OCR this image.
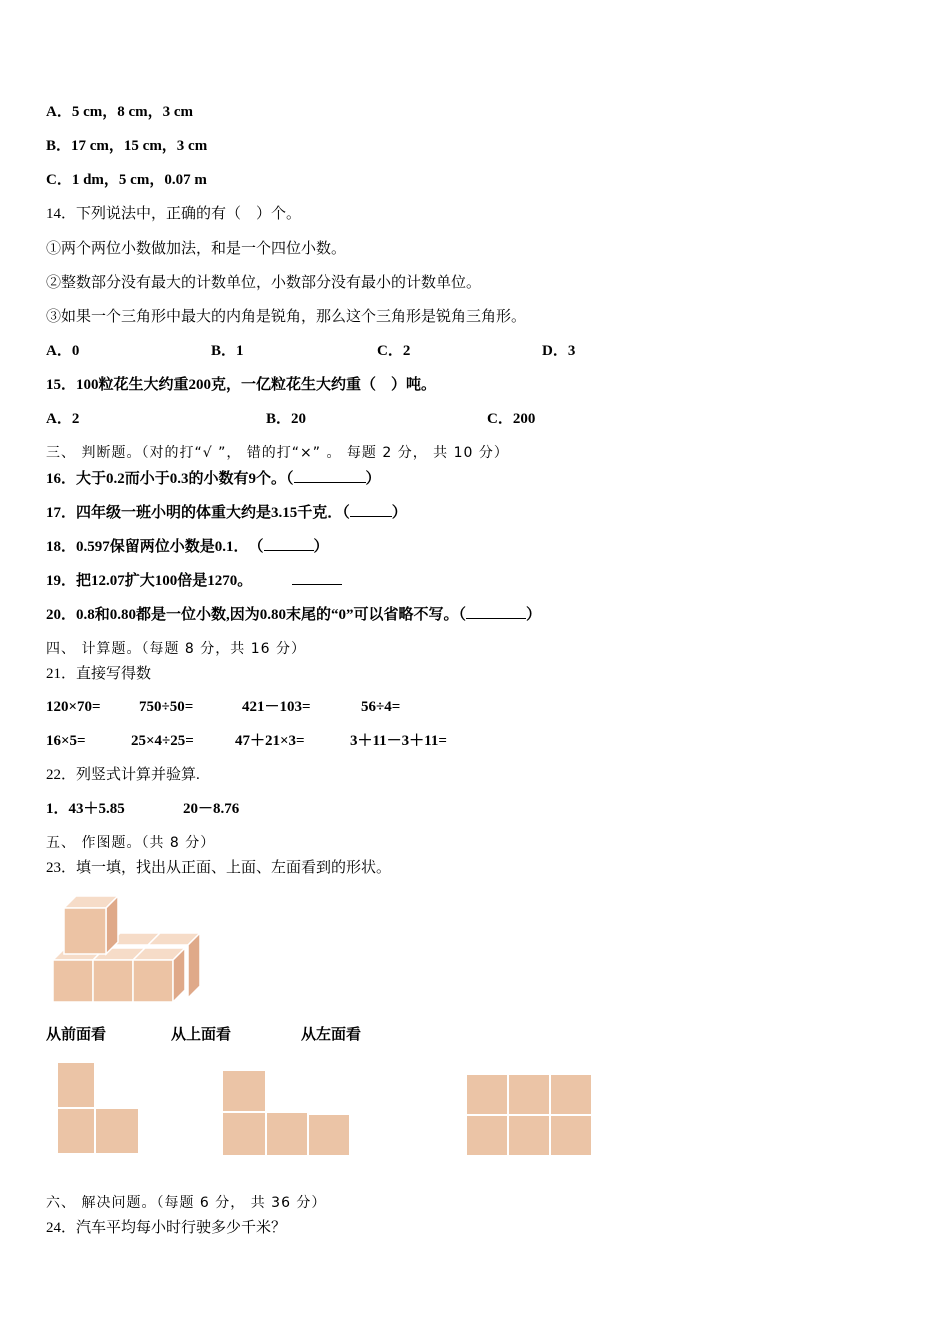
A．5 cm，8 cm，3 cm
B．17 cm，15 cm，3 cm
C．1 dm，5 cm，0.07 m
14．下列说法中，正确的有（　）个。
①两个两位小数做加法，和是一个四位小数。
②整数部分没有最大的计数单位，小数部分没有最小的计数单位。
③如果一个三角形中最大的内角是锐角，那么这个三角形是锐角三角形。
A．0	B．1	C．2	D．3
15．100粒花生大约重200克，一亿粒花生大约重（　）吨。
A．2	B．20	C．200
三、 判断题。（对的打“√ ”， 错的打“×” 。 每题 2 分， 共 10 分）
16．大于0.2而小于0.3的小数有9个。（	）
17．四年级一班小明的体重大约是3.15千克．（	）
18．0.597保留两位小数是0.1．　（	）
19．把12.07扩大100倍是1270。
20．0.8和0.80都是一位小数,因为0.80末尾的“0”可以省略不写。（	）
四、 计算题。（每题 8 分，共 16 分）
21．直接写得数
120×70=	750÷50=	421－103=	56÷4=
16×5=	25×4÷25=	47＋21×3=	3＋11－3＋11=
22．列竖式计算并验算.
1．43＋5.85	20－8.76
五、 作图题。（共 8 分）
23．填一填，找出从正面、上面、左面看到的形状。
从前面看	从上面看	从左面看
六、 解决问题。（每题 6 分， 共 36 分）
24．汽车平均每小时行驶多少千米？
